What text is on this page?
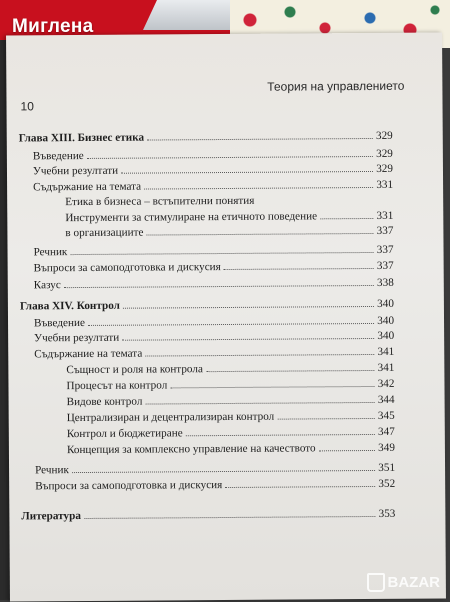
Миглена
Теория на управлението
10
Глава XIII. Бизнес етика	329
Въведение	329
Учебни резултати	329
Съдържание на темата	331
Етика в бизнеса – встъпителни понятия
Инструменти за стимулиране на етичното поведение	331
в организациите	337
Речник	337
Въпроси за самоподготовка и дискусия	337
Казус	338
Глава XIV. Контрол	340
Въведение	340
Учебни резултати	340
Съдържание на темата	341
Същност и роля на контрола	341
Процесът на контрол	342
Видове контрол	344
Централизиран и децентрализиран контрол	345
Контрол и бюджетиране	347
Концепция за комплексно управление на качеството	349
Речник	351
Въпроси за самоподготовка и дискусия	352
Литература	353
BAZAR
